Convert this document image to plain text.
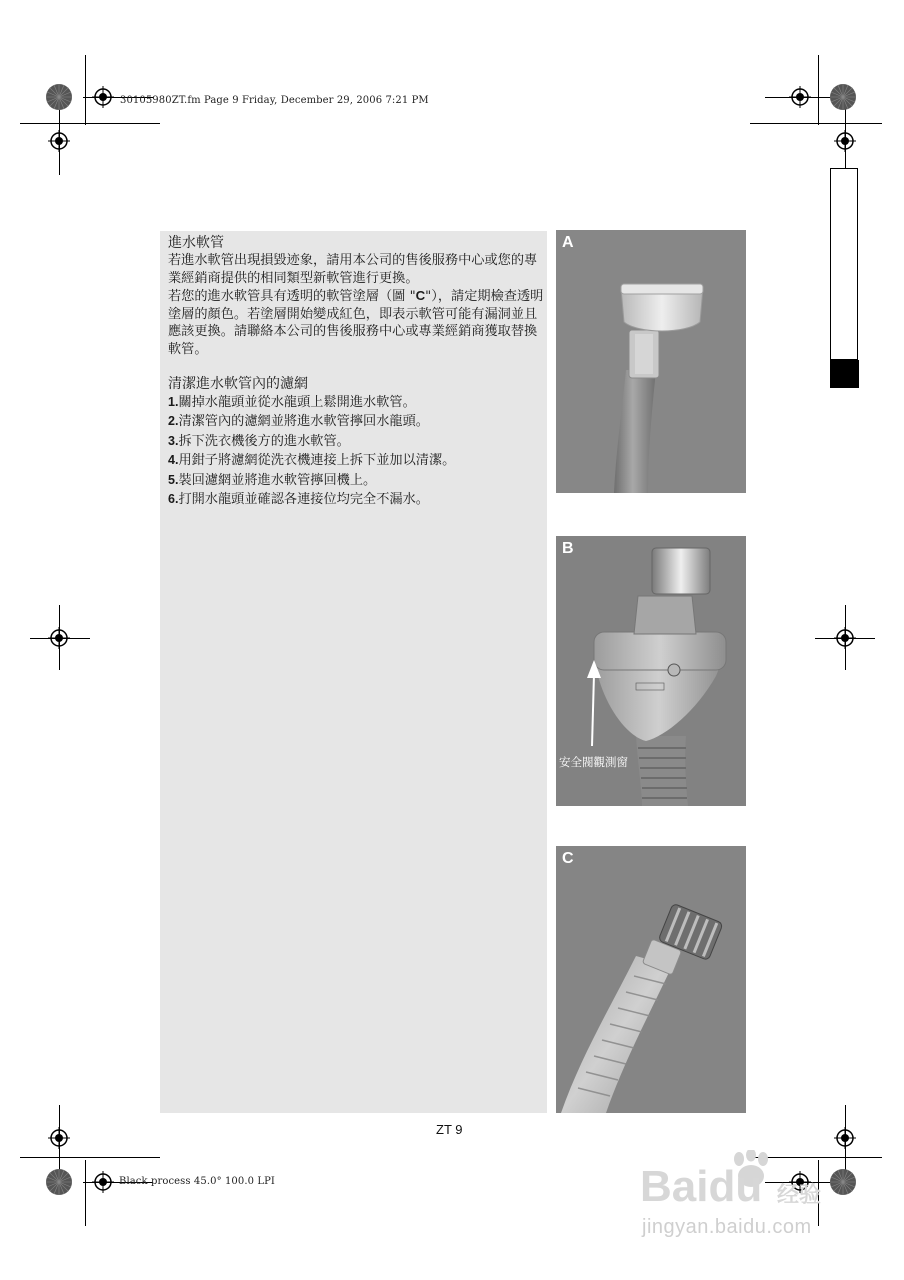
30105980ZT.fm Page 9 Friday, December 29, 2006 7:21 PM
Black process 45.0° 100.0 LPI

進水軟管

若進水軟管出現損毀迹象，請用本公司的售後服務中心或您的專業經銷商提供的相同類型新軟管進行更換。

若您的進水軟管具有透明的軟管塗層（圖 "C"），請定期檢查透明塗層的顏色。若塗層開始變成紅色，即表示軟管可能有漏洞並且應該更換。請聯絡本公司的售後服務中心或專業經銷商獲取替換軟管。

清潔進水軟管內的濾網

1. 關掉水龍頭並從水龍頭上鬆開進水軟管。
2. 清潔管內的濾網並將進水軟管擰回水龍頭。
3. 拆下洗衣機後方的進水軟管。
4. 用鉗子將濾網從洗衣機連接上拆下並加以清潔。
5. 裝回濾網並將進水軟管擰回機上。
6. 打開水龍頭並確認各連接位均完全不漏水。
A
B
安全閥觀測窗
C
ZT 9
Baidu 经验
jingyan.baidu.com
